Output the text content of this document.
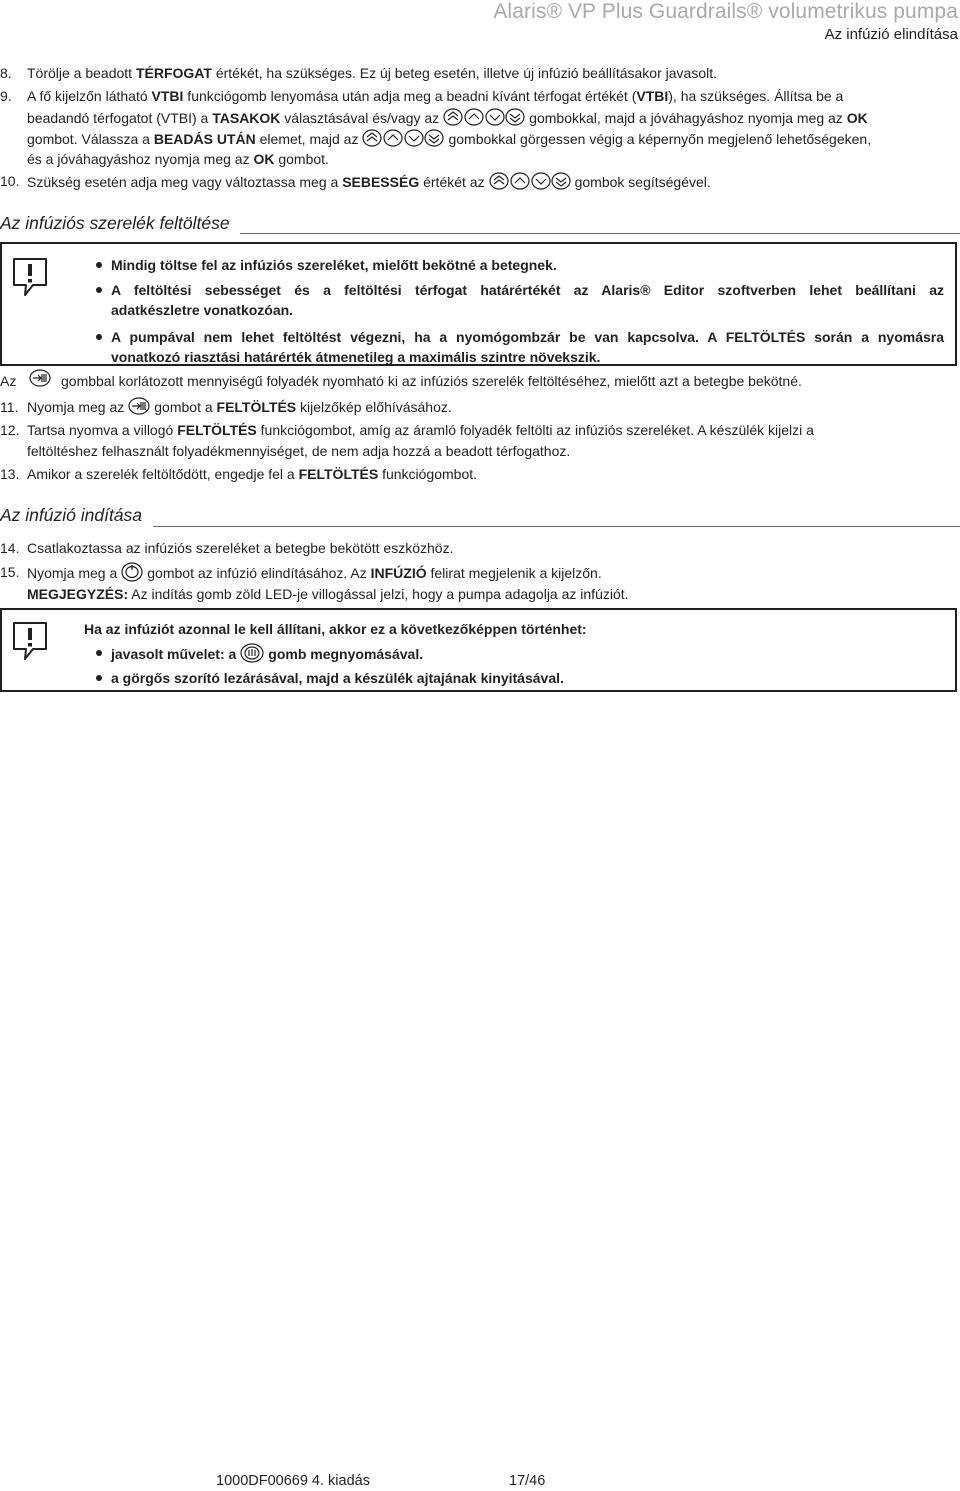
Alaris® VP Plus Guardrails® volumetrikus pumpa
Az infúzió elindítása
8. Törölje a beadott TÉRFOGAT értékét, ha szükséges. Ez új beteg esetén, illetve új infúzió beállításakor javasolt.
9. A fő kijelzőn látható VTBI funkciógomb lenyomása után adja meg a beadni kívánt térfogat értékét (VTBI), ha szükséges. Állítsa be a
beadandó térfogatot (VTBI) a TASAKOK választásával és/vagy az	gombokkal, majd a jóváhagyáshoz nyomja meg az OK
gombot. Válassza a BEADÁS UTÁN elemet, majd az	gombokkal görgessen végig a képernyőn megjelenő lehetőségeken,
és a jóváhagyáshoz nyomja meg az OK gombot.
10. Szükség esetén adja meg vagy változtassa meg a SEBESSÉG értékét az	gombok segítségével.
Az infúziós szerelék feltöltése
Mindig töltse fel az infúziós szereléket, mielőtt bekötné a betegnek.
A feltöltési sebességet és a feltöltési térfogat határértékét az Alaris® Editor szoftverben lehet beállítani az
adatkészletre vonatkozóan.
A pumpával nem lehet feltöltést végezni, ha a nyomógombzár be van kapcsolva. A FELTÖLTÉS során a nyomásra
vonatkozó riasztási határérték átmenetileg a maximális szintre növekszik.
Az	gombbal korlátozott mennyiségű folyadék nyomható ki az infúziós szerelék feltöltéséhez, mielőtt azt a betegbe bekötné.
11. Nyomja meg az gombot a FELTÖLTÉS kijelzőkép előhívásához.
12. Tartsa nyomva a villogó FELTÖLTÉS funkciógombot, amíg az áramló folyadék feltölti az infúziós szereléket. A készülék kijelzi a
feltöltéshez felhasznált folyadékmennyiséget, de nem adja hozzá a beadott térfogathoz.
13. Amikor a szerelék feltöltődött, engedje fel a FELTÖLTÉS funkciógombot.
Az infúzió indítása
14. Csatlakoztassa az infúziós szereléket a betegbe bekötött eszközhöz.
15. Nyomja meg a gombot az infúzió elindításához. Az INFÚZIÓ felirat megjelenik a kijelzőn.
MEGJEGYZÉS: Az indítás gomb zöld LED-je villogással jelzi, hogy a pumpa adagolja az infúziót.
Ha az infúziót azonnal le kell állítani, akkor ez a következőképpen történhet:
javasolt művelet: a gomb megnyomásával.
a görgős szorító lezárásával, majd a készülék ajtajának kinyitásával.
1000DF00669 4. kiadás	17/46
